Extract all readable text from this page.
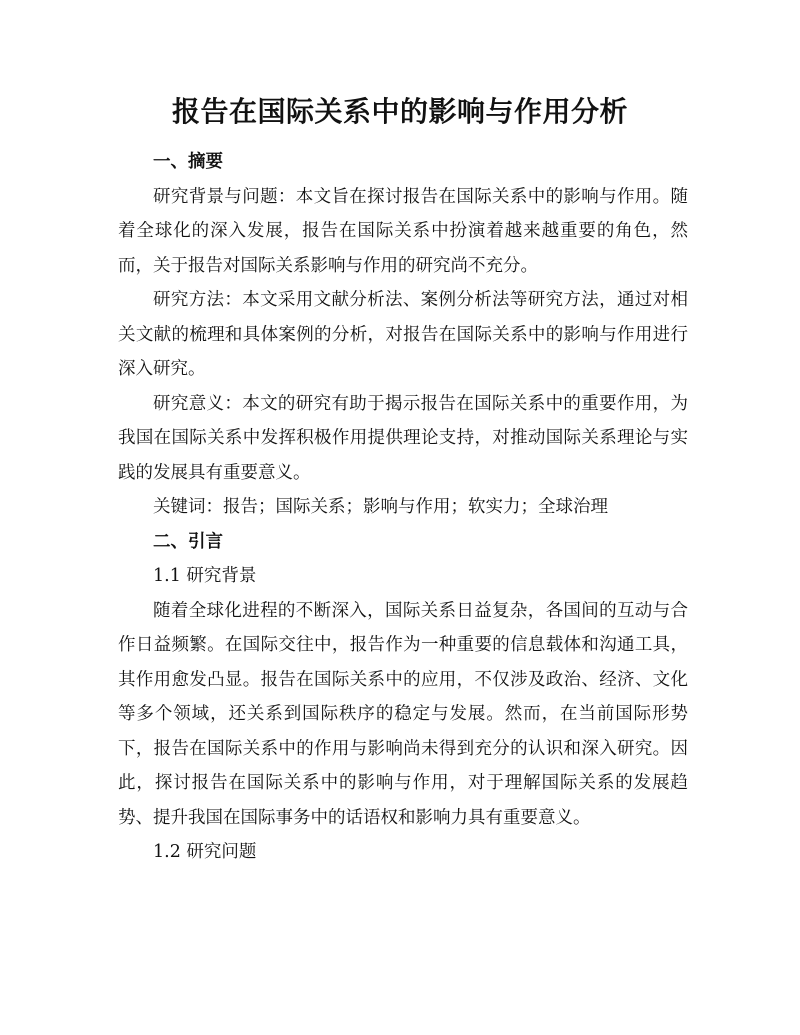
报告在国际关系中的影响与作用分析

一、摘要

研究背景与问题：本文旨在探讨报告在国际关系中的影响与作用。随着全球化的深入发展，报告在国际关系中扮演着越来越重要的角色，然而，关于报告对国际关系影响与作用的研究尚不充分。

研究方法：本文采用文献分析法、案例分析法等研究方法，通过对相关文献的梳理和具体案例的分析，对报告在国际关系中的影响与作用进行深入研究。

研究意义：本文的研究有助于揭示报告在国际关系中的重要作用，为我国在国际关系中发挥积极作用提供理论支持，对推动国际关系理论与实践的发展具有重要意义。

关键词：报告；国际关系；影响与作用；软实力；全球治理

二、引言

1.1 研究背景

随着全球化进程的不断深入，国际关系日益复杂，各国间的互动与合作日益频繁。在国际交往中，报告作为一种重要的信息载体和沟通工具，其作用愈发凸显。报告在国际关系中的应用，不仅涉及政治、经济、文化等多个领域，还关系到国际秩序的稳定与发展。然而，在当前国际形势下，报告在国际关系中的作用与影响尚未得到充分的认识和深入研究。因此，探讨报告在国际关系中的影响与作用，对于理解国际关系的发展趋势、提升我国在国际事务中的话语权和影响力具有重要意义。

1.2 研究问题
